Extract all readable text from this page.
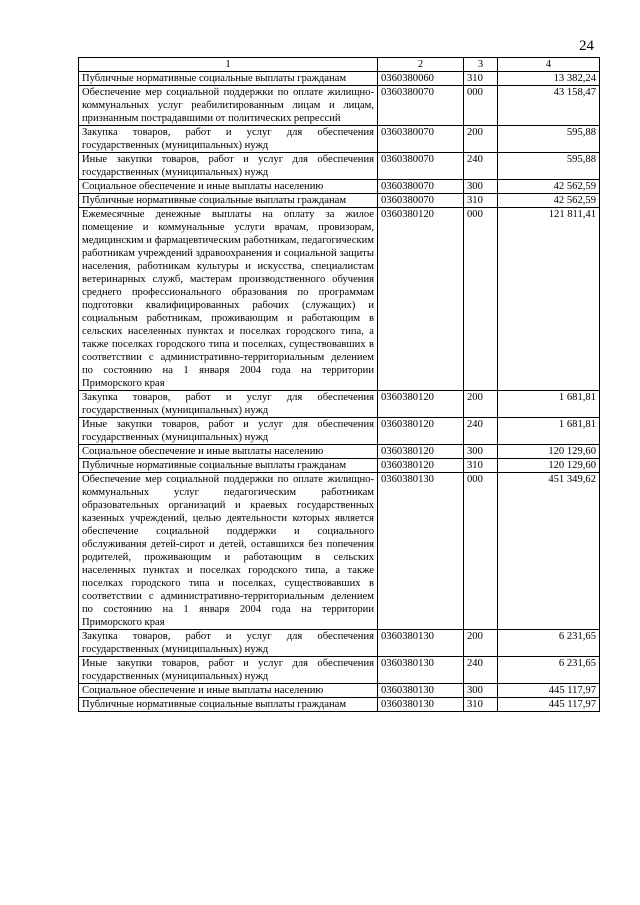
24
1	2	3	4
Публичные нормативные социальные выплаты гражданам	0360380060	310	13 382,24
Обеспечение мер социальной поддержки по оплате жилищно-коммунальных услуг реабилитированным лицам и лицам, признанным пострадавшими от политических репрессий	0360380070	000	43 158,47
Закупка товаров, работ и услуг для обеспечения государственных (муниципальных) нужд	0360380070	200	595,88
Иные закупки товаров, работ и услуг для обеспечения государственных (муниципальных) нужд	0360380070	240	595,88
Социальное обеспечение и иные выплаты населению	0360380070	300	42 562,59
Публичные нормативные социальные выплаты гражданам	0360380070	310	42 562,59
Ежемесячные денежные выплаты на оплату за жилое помещение и коммунальные услуги врачам, провизорам, медицинским и фармацевтическим работникам, педагогическим работникам учреждений здравоохранения и социальной защиты населения, работникам культуры и искусства, специалистам ветеринарных служб, мастерам производственного обучения среднего профессионального образования по программам подготовки квалифицированных рабочих (служащих) и социальным работникам, проживающим и работающим в сельских населенных пунктах и поселках городского типа, а также поселках городского типа и поселках, существовавших в соответствии с административно-территориальным делением по состоянию на 1 января 2004 года на территории Приморского края	0360380120	000	121 811,41
Закупка товаров, работ и услуг для обеспечения государственных (муниципальных) нужд	0360380120	200	1 681,81
Иные закупки товаров, работ и услуг для обеспечения государственных (муниципальных) нужд	0360380120	240	1 681,81
Социальное обеспечение и иные выплаты населению	0360380120	300	120 129,60
Публичные нормативные социальные выплаты гражданам	0360380120	310	120 129,60
Обеспечение мер социальной поддержки по оплате жилищно-коммунальных услуг педагогическим работникам образовательных организаций и краевых государственных казенных учреждений, целью деятельности которых является обеспечение социальной поддержки и социального обслуживания детей-сирот и детей, оставшихся без попечения родителей, проживающим и работающим в сельских населенных пунктах и поселках городского типа, а также поселках городского типа и поселках, существовавших в соответствии с административно-территориальным делением по состоянию на 1 января 2004 года на территории Приморского края	0360380130	000	451 349,62
Закупка товаров, работ и услуг для обеспечения государственных (муниципальных) нужд	0360380130	200	6 231,65
Иные закупки товаров, работ и услуг для обеспечения государственных (муниципальных) нужд	0360380130	240	6 231,65
Социальное обеспечение и иные выплаты населению	0360380130	300	445 117,97
Публичные нормативные социальные выплаты гражданам	0360380130	310	445 117,97
